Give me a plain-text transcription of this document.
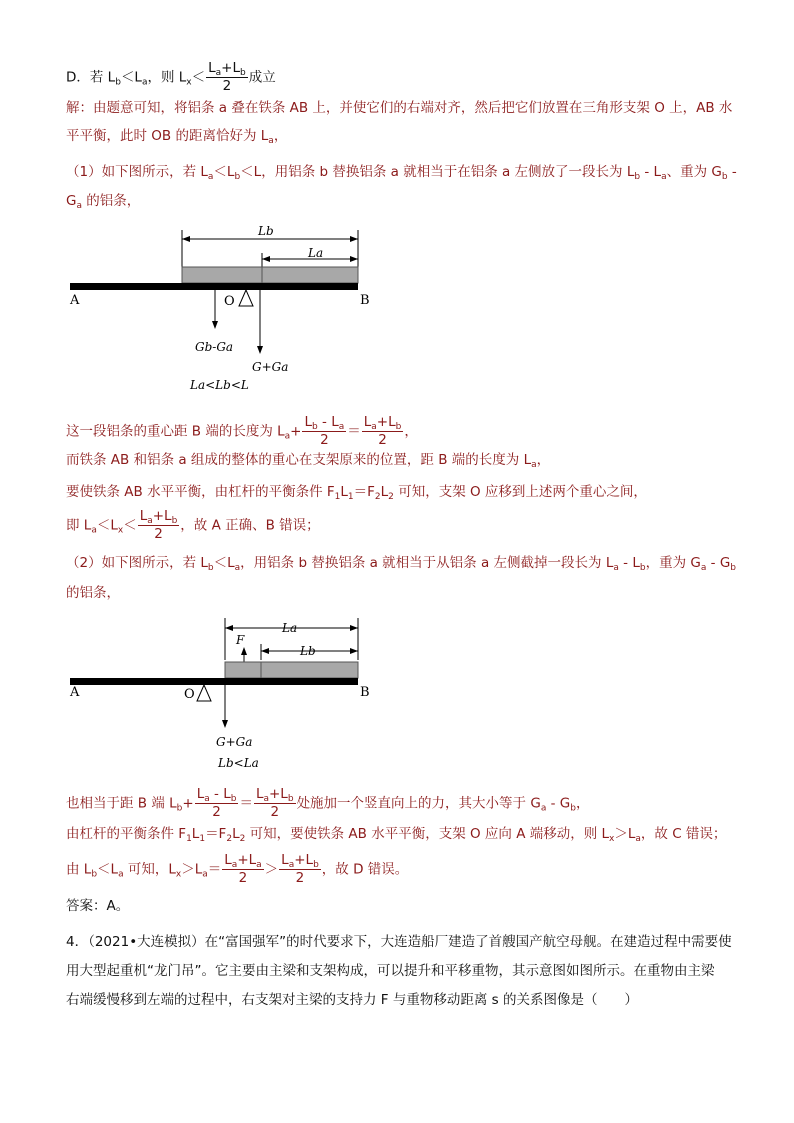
D．若 $L_b<L_a$，则 $L_x< \frac{L_a+L_b}{2}$ 成立
解：由题意可知，将铝条 a 叠在铁条 AB 上，并使它们的右端对齐，然后把它们放置在三角形支架 O 上，AB 水
平平衡，此时 OB 的距离恰好为 $L_a$，
（1）如下图所示，若 $L_a<L_b<L$，用铝条 b 替换铝条 a 就相当于在铝条 a 左侧放了一段长为 $L_b - L_a$、重为 $G_b$ -
$G_a$ 的铝条，
Lb
La
A	B
O
Gb-Ga
G+Ga
La<Lb<L
这一段铝条的重心距 B 端的长度为 $L_a+ \frac{L_b - L_a}{2} = \frac{L_a+L_b}{2}$ ，
而铁条 AB 和铝条 a 组成的整体的重心在支架原来的位置，距 B 端的长度为 $L_a$，
要使铁条 AB 水平平衡，由杠杆的平衡条件 $F_1L_1=F_2L_2$ 可知，支架 O 应移到上述两个重心之间，
即 $L_a<L_x< \frac{L_a+L_b}{2}$ ，故 A 正确、B 错误；
（2）如下图所示，若 $L_b<L_a$，用铝条 b 替换铝条 a 就相当于从铝条 a 左侧截掉一段长为 $L_a - L_b$，重为 $G_a - G_b$
的铝条，
La
Lb
F
A	B
O
G+Ga
Lb<La
也相当于距 B 端 $L_b+ \frac{L_a - L_b}{2} = \frac{L_a+L_b}{2}$ 处施加一个竖直向上的力，其大小等于 $G_a - G_b$，
由杠杆的平衡条件 $F_1L_1=F_2L_2$ 可知，要使铁条 AB 水平平衡，支架 O 应向 A 端移动，则 $L_x>L_a$，故 C 错误；
由 $L_b<L_a$ 可知，$L_x>L_a= \frac{L_a+L_a}{2} > \frac{L_a+L_b}{2}$ ，故 D 错误。
答案：A。
4．（2021•大连模拟）在“富国强军”的时代要求下，大连造船厂建造了首艘国产航空母舰。在建造过程中需要使
用大型起重机“龙门吊”。它主要由主梁和支架构成，可以提升和平移重物，其示意图如图所示。在重物由主梁
右端缓慢移到左端的过程中，右支架对主梁的支持力 F 与重物移动距离 s 的关系图像是（　　）
